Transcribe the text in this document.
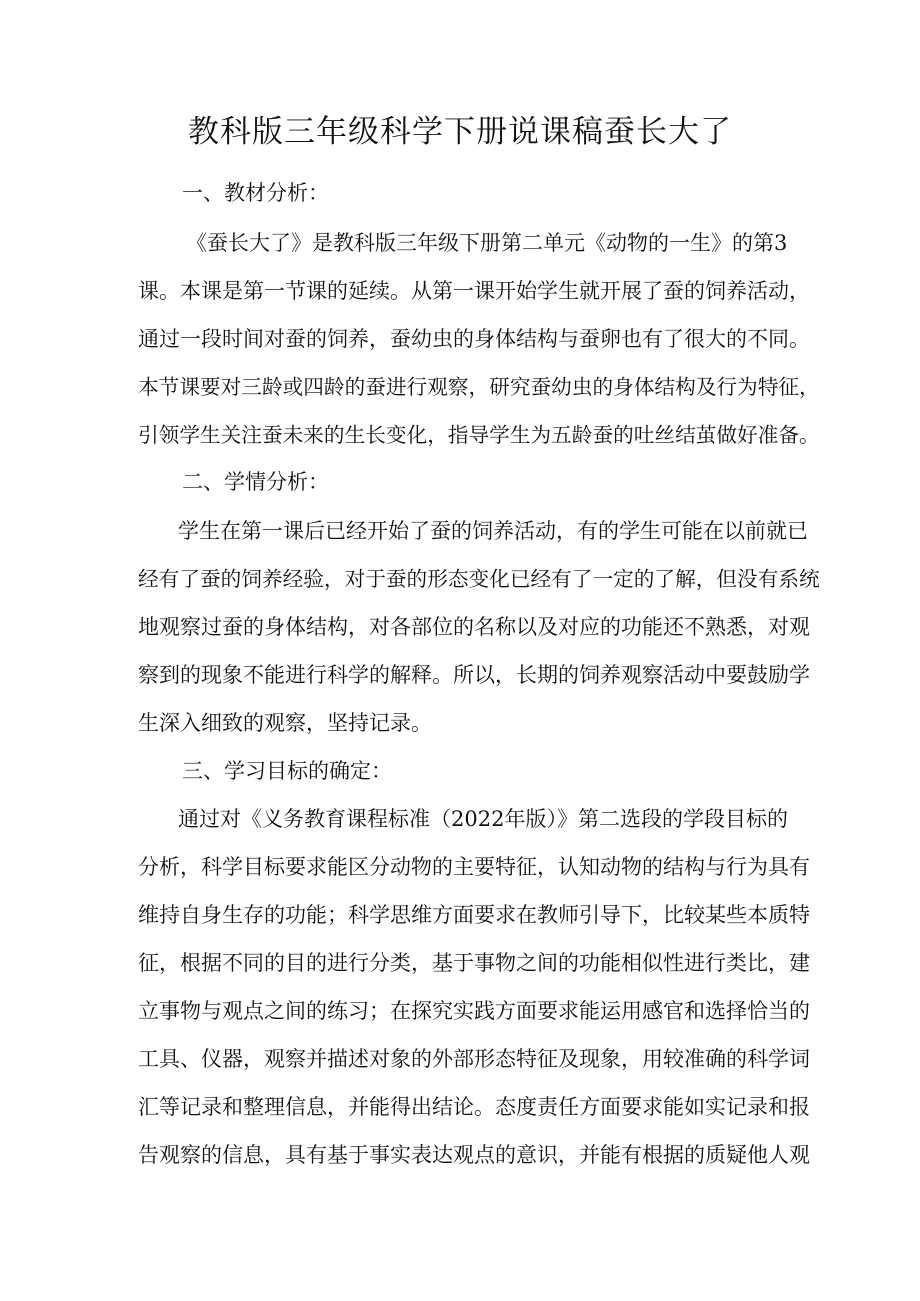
教科版三年级科学下册说课稿蚕长大了
一、教材分析：
《蚕长大了》是教科版三年级下册第二单元《动物的一生》的第3
课。本课是第一节课的延续。从第一课开始学生就开展了蚕的饲养活动，
通过一段时间对蚕的饲养，蚕幼虫的身体结构与蚕卵也有了很大的不同。
本节课要对三龄或四龄的蚕进行观察，研究蚕幼虫的身体结构及行为特征，
引领学生关注蚕未来的生长变化，指导学生为五龄蚕的吐丝结茧做好准备。
二、学情分析：
学生在第一课后已经开始了蚕的饲养活动，有的学生可能在以前就已
经有了蚕的饲养经验，对于蚕的形态变化已经有了一定的了解，但没有系统
地观察过蚕的身体结构，对各部位的名称以及对应的功能还不熟悉，对观
察到的现象不能进行科学的解释。所以，长期的饲养观察活动中要鼓励学
生深入细致的观察，坚持记录。
三、学习目标的确定：
通过对《义务教育课程标准（2022年版）》第二选段的学段目标的
分析，科学目标要求能区分动物的主要特征，认知动物的结构与行为具有
维持自身生存的功能；科学思维方面要求在教师引导下，比较某些本质特
征，根据不同的目的进行分类，基于事物之间的功能相似性进行类比，建
立事物与观点之间的练习；在探究实践方面要求能运用感官和选择恰当的
工具、仪器，观察并描述对象的外部形态特征及现象，用较准确的科学词
汇等记录和整理信息，并能得出结论。态度责任方面要求能如实记录和报
告观察的信息，具有基于事实表达观点的意识，并能有根据的质疑他人观
